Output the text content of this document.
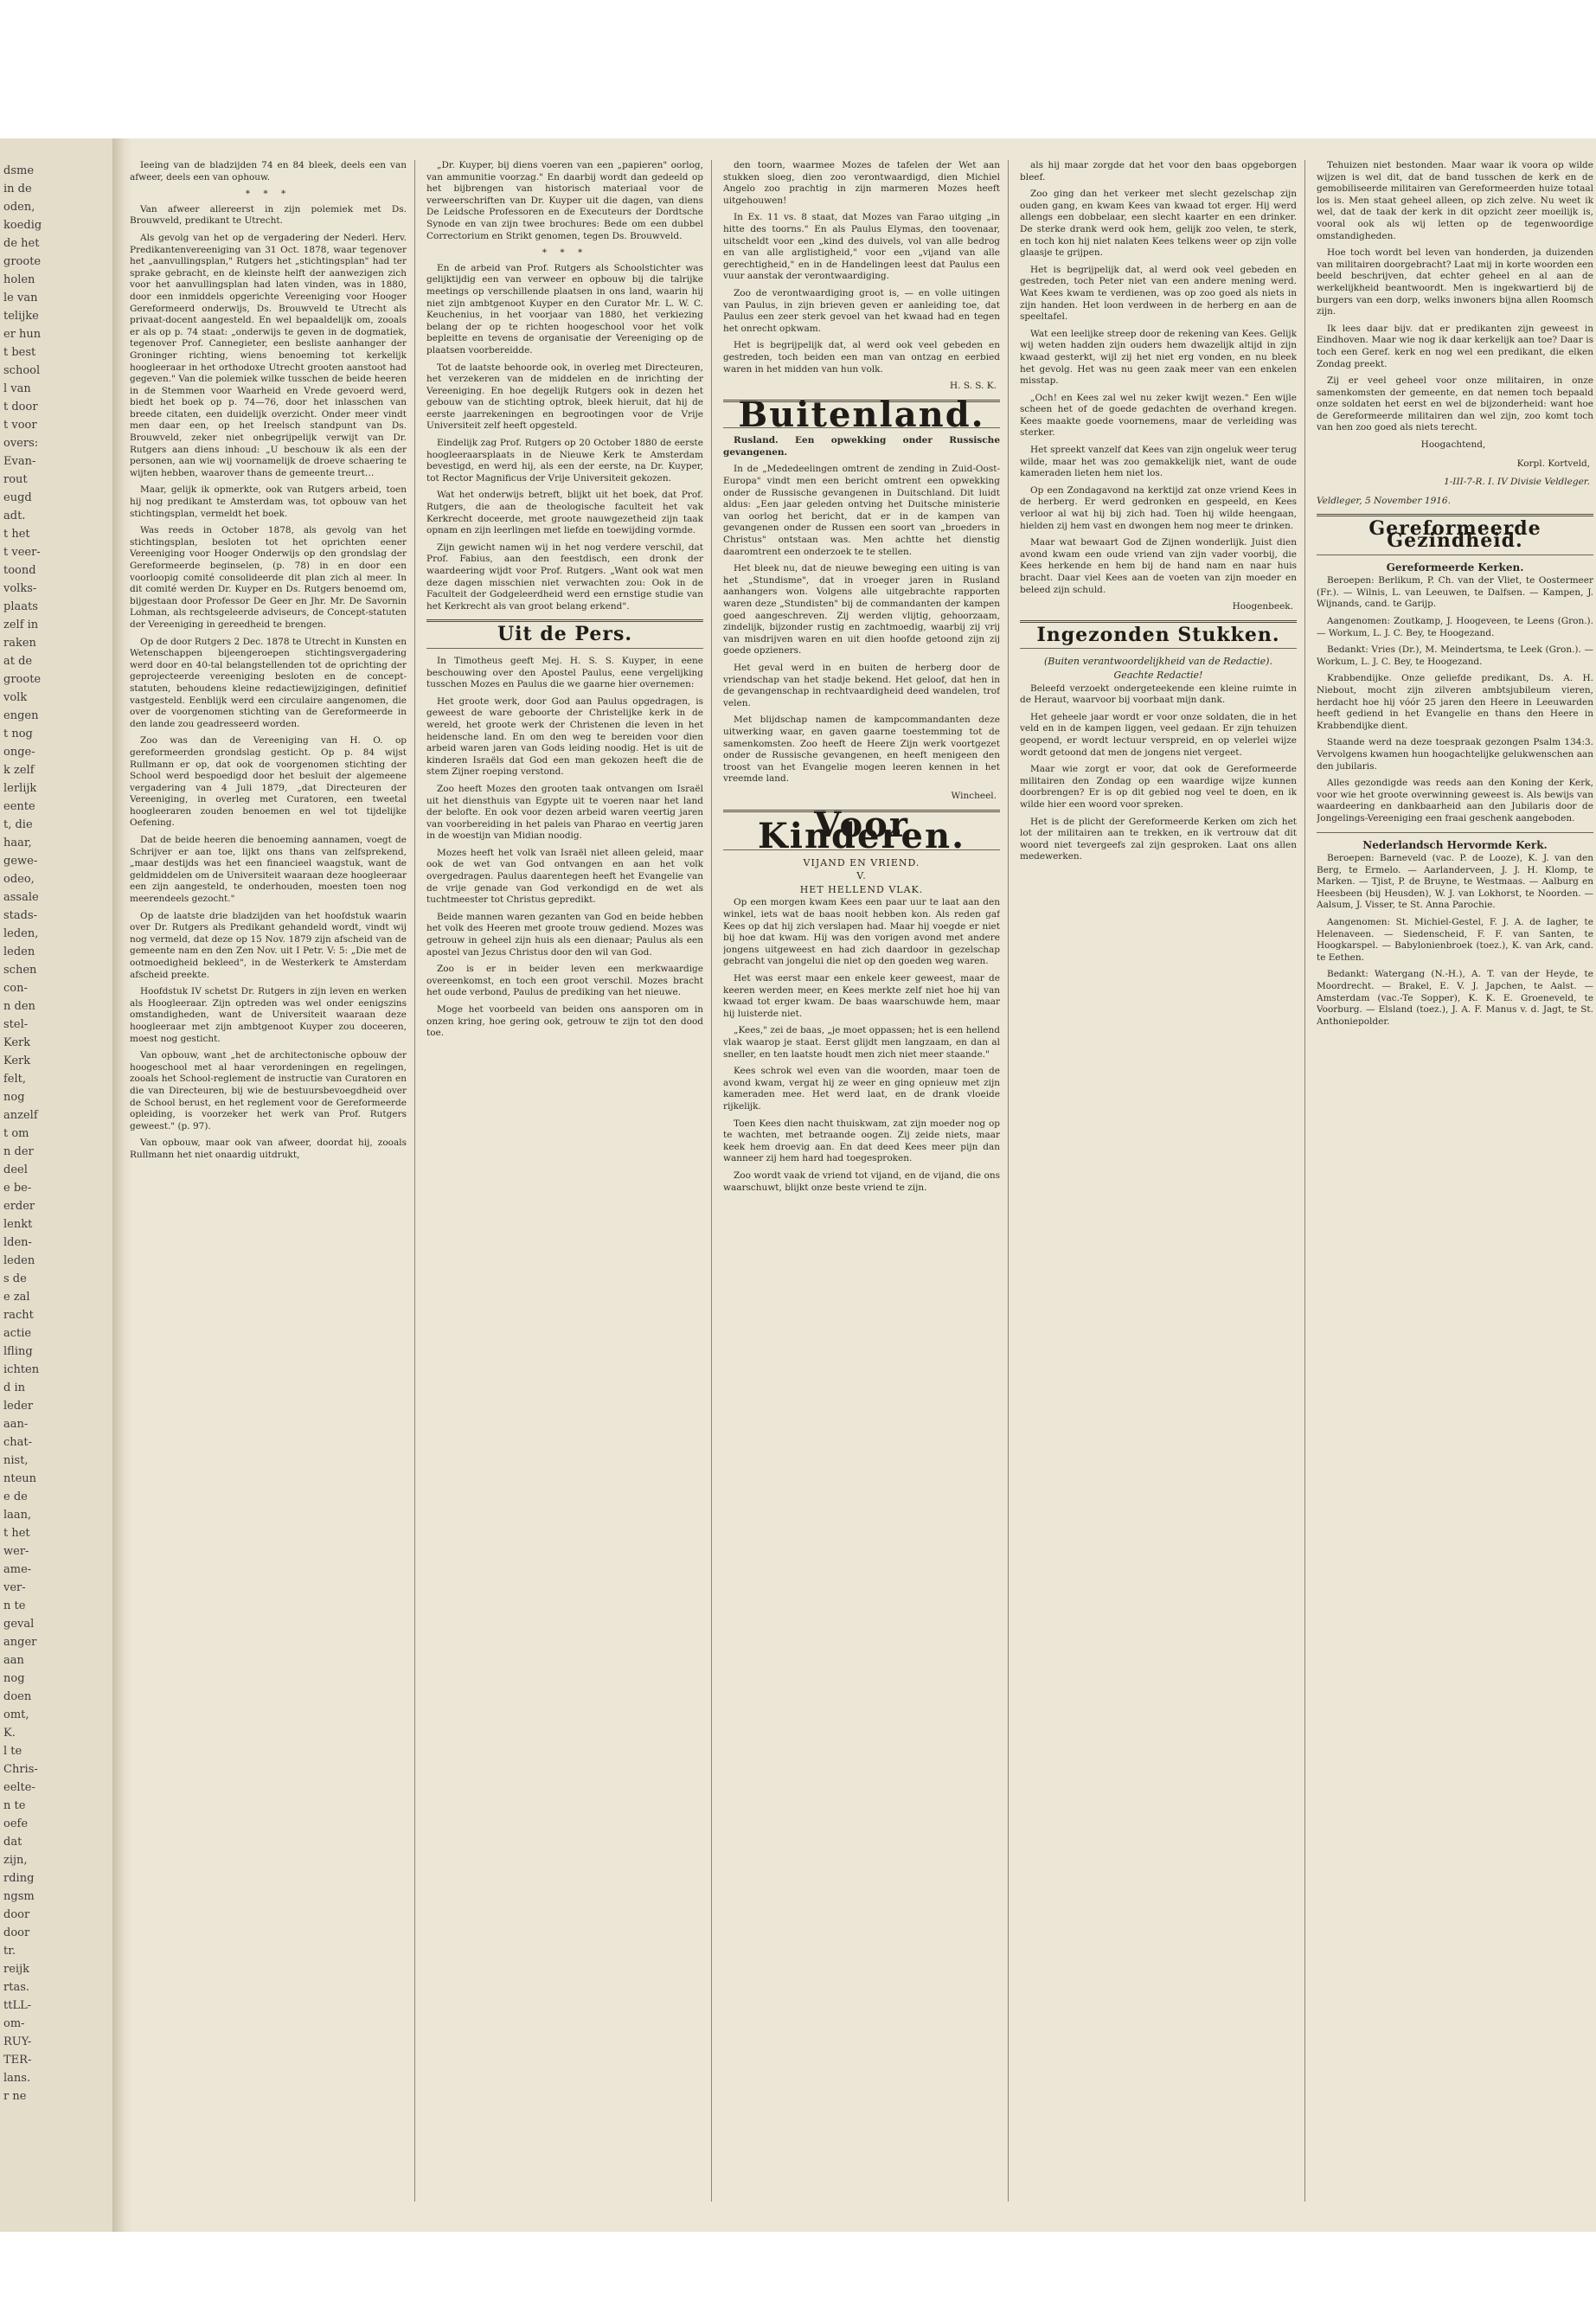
dsme
in de
oden,
koedig
de het
groote
holen
le van
telijke
er hun
t best
school
l van
t door
t voor
overs:
Evan-
rout
eugd
adt.
t het
t veer-
toond
volks-
plaats
zelf in
raken
at de
groote
volk
engen
t nog
onge-
k zelf
lerlijk
eente
t, die
haar,
gewe-
odeo,
assale
stads-
leden,
leden
schen
con-
n den
stel-
Kerk
Kerk
felt,
nog
anzelf
t om
n der
deel
e be-
erder
lenkt
lden-
leden
s de
e zal
racht
actie
lfling
ichten
d in
leder
aan-
chat-
nist,
nteun
e de
laan,
t het
wer-
ame-
ver-
n te
geval
anger
aan
nog
doen
omt,
K.
l te
Chris-
eelte-
n te
oefe
dat
zijn,
rding
ngsm
door
door
tr.
reijk
rtas.
ttLL-
om-
RUY-
TER-
lans.
r ne

Ieeing van de bladzijden 74 en 84 bleek, deels een van afweer, deels een van ophouw.

* * *

Van afweer allereerst in zijn polemiek met Ds. Brouwveld, predikant te Utrecht.

Als gevolg van het op de vergadering der Nederl. Herv. Predikantenvereeniging van 31 Oct. 1878, waar tegenover het „aanvullingsplan," Rutgers het „stichtingsplan" had ter sprake gebracht, en de kleinste helft der aanwezigen zich voor het aanvullingsplan had laten vinden, was in 1880, door een inmiddels opgerichte Vereeniging voor Hooger Gereformeerd onderwijs, Ds. Brouwveld te Utrecht als privaat-docent aangesteld. En wel bepaaldelijk om, zooals er als op p. 74 staat: „onderwijs te geven in de dogmatiek, tegenover Prof. Cannegieter, een besliste aanhanger der Groninger richting, wiens benoeming tot kerkelijk hoogleeraar in het orthodoxe Utrecht grooten aanstoot had gegeven." Van die polemiek wilke tusschen de beide heeren in de Stemmen voor Waarheid en Vrede gevoerd werd, biedt het boek op p. 74—76, door het inlasschen van breede citaten, een duidelijk overzicht. Onder meer vindt men daar een, op het Ireelsch standpunt van Ds. Brouwveld, zeker niet onbegrijpelijk verwijt van Dr. Rutgers aan diens inhoud: „U beschouw ik als een der personen, aan wie wij voornamelijk de droeve schaering te wijten hebben, waarover thans de gemeente treurt…

Maar, gelijk ik opmerkte, ook van Rutgers arbeid, toen hij nog predikant te Amsterdam was, tot opbouw van het stichtingsplan, vermeldt het boek.

Was reeds in October 1878, als gevolg van het stichtingsplan, besloten tot het oprichten eener Vereeniging voor Hooger Onderwijs op den grondslag der Gereformeerde beginselen, (p. 78) in en door een voorloopig comité consolideerde dit plan zich al meer. In dit comité werden Dr. Kuyper en Ds. Rutgers benoemd om, bijgestaan door Professor De Geer en Jhr. Mr. De Savornin Lohman, als rechtsgeleerde adviseurs, de Concept-statuten der Vereeniging in gereedheid te brengen.

Op de door Rutgers 2 Dec. 1878 te Utrecht in Kunsten en Wetenschappen bijeengeroepen stichtingsvergadering werd door en 40-tal belangstellenden tot de oprichting der geprojecteerde vereeniging besloten en de concept-statuten, behoudens kleine redactiewijzigingen, definitief vastgesteld. Eenblijk werd een circulaire aangenomen, die over de voorgenomen stichting van de Gereformeerde in den lande zou geadresseerd worden.

Zoo was dan de Vereeniging van H. O. op gereformeerden grondslag gesticht. Op p. 84 wijst Rullmann er op, dat ook de voorgenomen stichting der School werd bespoedigd door het besluit der algemeene vergadering van 4 Juli 1879, „dat Directeuren der Vereeniging, in overleg met Curatoren, een tweetal hoogleeraren zouden benoemen en wel tot tijdelijke Oefening.

Dat de beide heeren die benoeming aannamen, voegt de Schrijver er aan toe, lijkt ons thans van zelfsprekend, „maar destijds was het een financieel waagstuk, want de geldmiddelen om de Universiteit waaraan deze hoogleeraar een zijn aangesteld, te onderhouden, moesten toen nog meerendeels gezocht."

Op de laatste drie bladzijden van het hoofdstuk waarin over Dr. Rutgers als Predikant gehandeld wordt, vindt wij nog vermeld, dat deze op 15 Nov. 1879 zijn afscheid van de gemeente nam en den Zen Nov. uit I Petr. V: 5: „Die met de ootmoedigheid bekleed", in de Westerkerk te Amsterdam afscheid preekte.

Hoofdstuk IV schetst Dr. Rutgers in zijn leven en werken als Hoogleeraar. Zijn optreden was wel onder eenigszins omstandigheden, want de Universiteit waaraan deze hoogleeraar met zijn ambtgenoot Kuyper zou doceeren, moest nog gesticht.

Van opbouw, want „het de architectonische opbouw der hoogeschool met al haar verordeningen en regelingen, zooals het School-reglement de instructie van Curatoren en die van Directeuren, bij wie de bestuursbevoegdheid over de School berust, en het reglement voor de Gereformeerde opleiding, is voorzeker het werk van Prof. Rutgers geweest." (p. 97).

Van opbouw, maar ook van afweer, doordat hij, zooals Rullmann het niet onaardig uitdrukt,

„Dr. Kuyper, bij diens voeren van een „papieren" oorlog, van ammunitie voorzag." En daarbij wordt dan gedeeld op het bijbrengen van historisch materiaal voor de verweerschriften van Dr. Kuyper uit die dagen, van diens De Leidsche Professoren en de Executeurs der Dordtsche Synode en van zijn twee brochures: Bede om een dubbel Correctorium en Strikt genomen, tegen Ds. Brouwveld.

* * *

En de arbeid van Prof. Rutgers als Schoolstichter was gelijktijdig een van verweer en opbouw bij die talrijke meetings op verschillende plaatsen in ons land, waarin hij niet zijn ambtgenoot Kuyper en den Curator Mr. L. W. C. Keuchenius, in het voorjaar van 1880, het verkiezing belang der op te richten hoogeschool voor het volk bepleitte en tevens de organisatie der Vereeniging op de plaatsen voorbereidde.

Tot de laatste behoorde ook, in overleg met Directeuren, het verzekeren van de middelen en de inrichting der Vereeniging. En hoe degelijk Rutgers ook in dezen het gebouw van de stichting optrok, bleek hieruit, dat hij de eerste jaarrekeningen en begrootingen voor de Vrije Universiteit zelf heeft opgesteld.

Eindelijk zag Prof. Rutgers op 20 October 1880 de eerste hoogleeraarsplaats in de Nieuwe Kerk te Amsterdam bevestigd, en werd hij, als een der eerste, na Dr. Kuyper, tot Rector Magnificus der Vrije Universiteit gekozen.

Wat het onderwijs betreft, blijkt uit het boek, dat Prof. Rutgers, die aan de theologische faculteit het vak Kerkrecht doceerde, met groote nauwgezetheid zijn taak opnam en zijn leerlingen met liefde en toewijding vormde.

Zijn gewicht namen wij in het nog verdere verschil, dat Prof. Fabius, aan den feestdisch, een dronk der waardeering wijdt voor Prof. Rutgers. „Want ook wat men deze dagen misschien niet verwachten zou: Ook in de Faculteit der Godgeleerdheid werd een ernstige studie van het Kerkrecht als van groot belang erkend".

Uit de Pers.

In Timotheus geeft Mej. H. S. S. Kuyper, in eene beschouwing over den Apostel Paulus, eene vergelijking tusschen Mozes en Paulus die we gaarne hier overnemen:

Het groote werk, door God aan Paulus opgedragen, is geweest de ware geboorte der Christelijke kerk in de wereld, het groote werk der Christenen die leven in het heidensche land. En om den weg te bereiden voor dien arbeid waren jaren van Gods leiding noodig. Het is uit de kinderen Israëls dat God een man gekozen heeft die de stem Zijner roeping verstond.

Zoo heeft Mozes den grooten taak ontvangen om Israël uit het diensthuis van Egypte uit te voeren naar het land der belofte. En ook voor dezen arbeid waren veertig jaren van voorbereiding in het paleis van Pharao en veertig jaren in de woestijn van Midian noodig.

Mozes heeft het volk van Israël niet alleen geleid, maar ook de wet van God ontvangen en aan het volk overgedragen. Paulus daarentegen heeft het Evangelie van de vrije genade van God verkondigd en de wet als tuchtmeester tot Christus gepredikt.

Beide mannen waren gezanten van God en beide hebben het volk des Heeren met groote trouw gediend. Mozes was getrouw in geheel zijn huis als een dienaar; Paulus als een apostel van Jezus Christus door den wil van God.

Zoo is er in beider leven een merkwaardige overeenkomst, en toch een groot verschil. Mozes bracht het oude verbond, Paulus de prediking van het nieuwe.

Moge het voorbeeld van beiden ons aansporen om in onzen kring, hoe gering ook, getrouw te zijn tot den dood toe.

den toorn, waarmee Mozes de tafelen der Wet aan stukken sloeg, dien zoo verontwaardigd, dien Michiel Angelo zoo prachtig in zijn marmeren Mozes heeft uitgehouwen!

In Ex. 11 vs. 8 staat, dat Mozes van Farao uitging „in hitte des toorns." En als Paulus Elymas, den toovenaar, uitscheldt voor een „kind des duivels, vol van alle bedrog en van alle arglistigheid," voor een „vijand van alle gerechtigheid," en in de Handelingen leest dat Paulus een vuur aanstak der verontwaardiging.

Zoo de verontwaardiging groot is, — en volle uitingen van Paulus, in zijn brieven geven er aanleiding toe, dat Paulus een zeer sterk gevoel van het kwaad had en tegen het onrecht opkwam.

Het is begrijpelijk dat, al werd ook veel gebeden en gestreden, toch beiden een man van ontzag en eerbied waren in het midden van hun volk.

H. S. S. K.
Buitenland.

Rusland. Een opwekking onder Russische gevangenen.

In de „Mededeelingen omtrent de zending in Zuid-Oost-Europa" vindt men een bericht omtrent een opwekking onder de Russische gevangenen in Duitschland. Dit luidt aldus: „Een jaar geleden ontving het Duitsche ministerie van oorlog het bericht, dat er in de kampen van gevangenen onder de Russen een soort van „broeders in Christus" ontstaan was. Men achtte het dienstig daaromtrent een onderzoek te te stellen.

Het bleek nu, dat de nieuwe beweging een uiting is van het „Stundisme", dat in vroeger jaren in Rusland aanhangers won. Volgens alle uitgebrachte rapporten waren deze „Stundisten" bij de commandanten der kampen goed aangeschreven. Zij werden vlijtig, gehoorzaam, zindelijk, bijzonder rustig en zachtmoedig, waarbij zij vrij van misdrijven waren en uit dien hoofde getoond zijn zij goede opzieners.

Het geval werd in en buiten de herberg door de vriendschap van het stadje bekend. Het geloof, dat hen in de gevangenschap in rechtvaardigheid deed wandelen, trof velen.

Met blijdschap namen de kampcommandanten deze uitwerking waar, en gaven gaarne toestemming tot de samenkomsten. Zoo heeft de Heere Zijn werk voortgezet onder de Russische gevangenen, en heeft menigeen den troost van het Evangelie mogen leeren kennen in het vreemde land.

Wincheel.
Voor Kinderen.
VIJAND EN VRIEND.
V.
HET HELLEND VLAK.

Op een morgen kwam Kees een paar uur te laat aan den winkel, iets wat de baas nooit hebben kon. Als reden gaf Kees op dat hij zich verslapen had. Maar hij voegde er niet bij hoe dat kwam. Hij was den vorigen avond met andere jongens uitgeweest en had zich daardoor in gezelschap gebracht van jongelui die niet op den goeden weg waren.

Het was eerst maar een enkele keer geweest, maar de keeren werden meer, en Kees merkte zelf niet hoe hij van kwaad tot erger kwam. De baas waarschuwde hem, maar hij luisterde niet.

„Kees," zei de baas, „je moet oppassen; het is een hellend vlak waarop je staat. Eerst glijdt men langzaam, en dan al sneller, en ten laatste houdt men zich niet meer staande."

Kees schrok wel even van die woorden, maar toen de avond kwam, vergat hij ze weer en ging opnieuw met zijn kameraden mee. Het werd laat, en de drank vloeide rijkelijk.

Toen Kees dien nacht thuiskwam, zat zijn moeder nog op te wachten, met betraande oogen. Zij zeide niets, maar keek hem droevig aan. En dat deed Kees meer pijn dan wanneer zij hem hard had toegesproken.

Zoo wordt vaak de vriend tot vijand, en de vijand, die ons waarschuwt, blijkt onze beste vriend te zijn.

als hij maar zorgde dat het voor den baas opgeborgen bleef.

Zoo ging dan het verkeer met slecht gezelschap zijn ouden gang, en kwam Kees van kwaad tot erger. Hij werd allengs een dobbelaar, een slecht kaarter en een drinker. De sterke drank werd ook hem, gelijk zoo velen, te sterk, en toch kon hij niet nalaten Kees telkens weer op zijn volle glaasje te grijpen.

Het is begrijpelijk dat, al werd ook veel gebeden en gestreden, toch Peter niet van een andere mening werd. Wat Kees kwam te verdienen, was op zoo goed als niets in zijn handen. Het loon verdween in de herberg en aan de speeltafel.

Wat een leelijke streep door de rekening van Kees. Gelijk wij weten hadden zijn ouders hem dwazelijk altijd in zijn kwaad gesterkt, wijl zij het niet erg vonden, en nu bleek het gevolg. Het was nu geen zaak meer van een enkelen misstap.

„Och! en Kees zal wel nu zeker kwijt wezen." Een wijle scheen het of de goede gedachten de overhand kregen. Kees maakte goede voornemens, maar de verleiding was sterker.

Het spreekt vanzelf dat Kees van zijn ongeluk weer terug wilde, maar het was zoo gemakkelijk niet, want de oude kameraden lieten hem niet los.

Op een Zondagavond na kerktijd zat onze vriend Kees in de herberg. Er werd gedronken en gespeeld, en Kees verloor al wat hij bij zich had. Toen hij wilde heengaan, hielden zij hem vast en dwongen hem nog meer te drinken.

Maar wat bewaart God de Zijnen wonderlijk. Juist dien avond kwam een oude vriend van zijn vader voorbij, die Kees herkende en hem bij de hand nam en naar huis bracht. Daar viel Kees aan de voeten van zijn moeder en beleed zijn schuld.

Hoogenbeek.
Ingezonden Stukken.
(Buiten verantwoordelijkheid van de Redactie).
Geachte Redactie!

Beleefd verzoekt ondergeteekende een kleine ruimte in de Heraut, waarvoor bij voorbaat mijn dank.

Het geheele jaar wordt er voor onze soldaten, die in het veld en in de kampen liggen, veel gedaan. Er zijn tehuizen geopend, er wordt lectuur verspreid, en op velerlei wijze wordt getoond dat men de jongens niet vergeet.

Maar wie zorgt er voor, dat ook de Gereformeerde militairen den Zondag op een waardige wijze kunnen doorbrengen? Er is op dit gebied nog veel te doen, en ik wilde hier een woord voor spreken.

Het is de plicht der Gereformeerde Kerken om zich het lot der militairen aan te trekken, en ik vertrouw dat dit woord niet tevergeefs zal zijn gesproken. Laat ons allen medewerken.

Tehuizen niet bestonden. Maar waar ik voora op wilde wijzen is wel dit, dat de band tusschen de kerk en de gemobiliseerde militairen van Gereformeerden huize totaal los is. Men staat geheel alleen, op zich zelve. Nu weet ik wel, dat de taak der kerk in dit opzicht zeer moeilijk is, vooral ook als wij letten op de tegenwoordige omstandigheden.

Hoe toch wordt bel leven van honderden, ja duizenden van militairen doorgebracht? Laat mij in korte woorden een beeld beschrijven, dat echter geheel en al aan de werkelijkheid beantwoordt. Men is ingekwartierd bij de burgers van een dorp, welks inwoners bijna allen Roomsch zijn.

Ik lees daar bijv. dat er predikanten zijn geweest in Eindhoven. Maar wie nog ik daar kerkelijk aan toe? Daar is toch een Geref. kerk en nog wel een predikant, die elken Zondag preekt.

Zij er veel geheel voor onze militairen, in onze samenkomsten der gemeente, en dat nemen toch bepaald onze soldaten het eerst en wel de bijzonderheid: want hoe de Gereformeerde militairen dan wel zijn, zoo komt toch van hen zoo goed als niets terecht.

Hoogachtend,
Korpl. Kortveld,
1-III-7-R. I. IV Divisie Veldleger.
Veldleger, 5 November 1916.
Gereformeerde Gezindheid.
Gereformeerde Kerken.

Beroepen: Berlikum, P. Ch. van der Vliet, te Oostermeer (Fr.). — Wilnis, L. van Leeuwen, te Dalfsen. — Kampen, J. Wijnands, cand. te Garijp.

Aangenomen: Zoutkamp, J. Hoogeveen, te Leens (Gron.). — Workum, L. J. C. Bey, te Hoogezand.

Bedankt: Vries (Dr.), M. Meindertsma, te Leek (Gron.). — Workum, L. J. C. Bey, te Hoogezand.

Krabbendijke. Onze geliefde predikant, Ds. A. H. Niebout, mocht zijn zilveren ambtsjubileum vieren, herdacht hoe hij vóór 25 jaren den Heere in Leeuwarden heeft gediend in het Evangelie en thans den Heere in Krabbendijke dient.

Staande werd na deze toespraak gezongen Psalm 134:3. Vervolgens kwamen hun hoogachtelijke gelukwenschen aan den jubilaris.

Alles gezondigde was reeds aan den Koning der Kerk, voor wie het groote overwinning geweest is. Als bewijs van waardeering en dankbaarheid aan den Jubilaris door de Jongelings-Vereeniging een fraai geschenk aangeboden.

Nederlandsch Hervormde Kerk.

Beroepen: Barneveld (vac. P. de Looze), K. J. van den Berg, te Ermelo. — Aarlanderveen, J. J. H. Klomp, te Marken. — Tjist, P. de Bruyne, te Westmaas. — Aalburg en Heesbeen (bij Heusden), W. J. van Lokhorst, te Noorden. — Aalsum, J. Visser, te St. Anna Parochie.

Aangenomen: St. Michiel-Gestel, F. J. A. de Iagher, te Helenaveen. — Siedenscheid, F. F. van Santen, te Hoogkarspel. — Babylonienbroek (toez.), K. van Ark, cand. te Eethen.

Bedankt: Watergang (N.-H.), A. T. van der Heyde, te Moordrecht. — Brakel, E. V. J. Japchen, te Aalst. — Amsterdam (vac.-Te Sopper), K. K. E. Groeneveld, te Voorburg. — Elsland (toez.), J. A. F. Manus v. d. Jagt, te St. Anthoniepolder.
